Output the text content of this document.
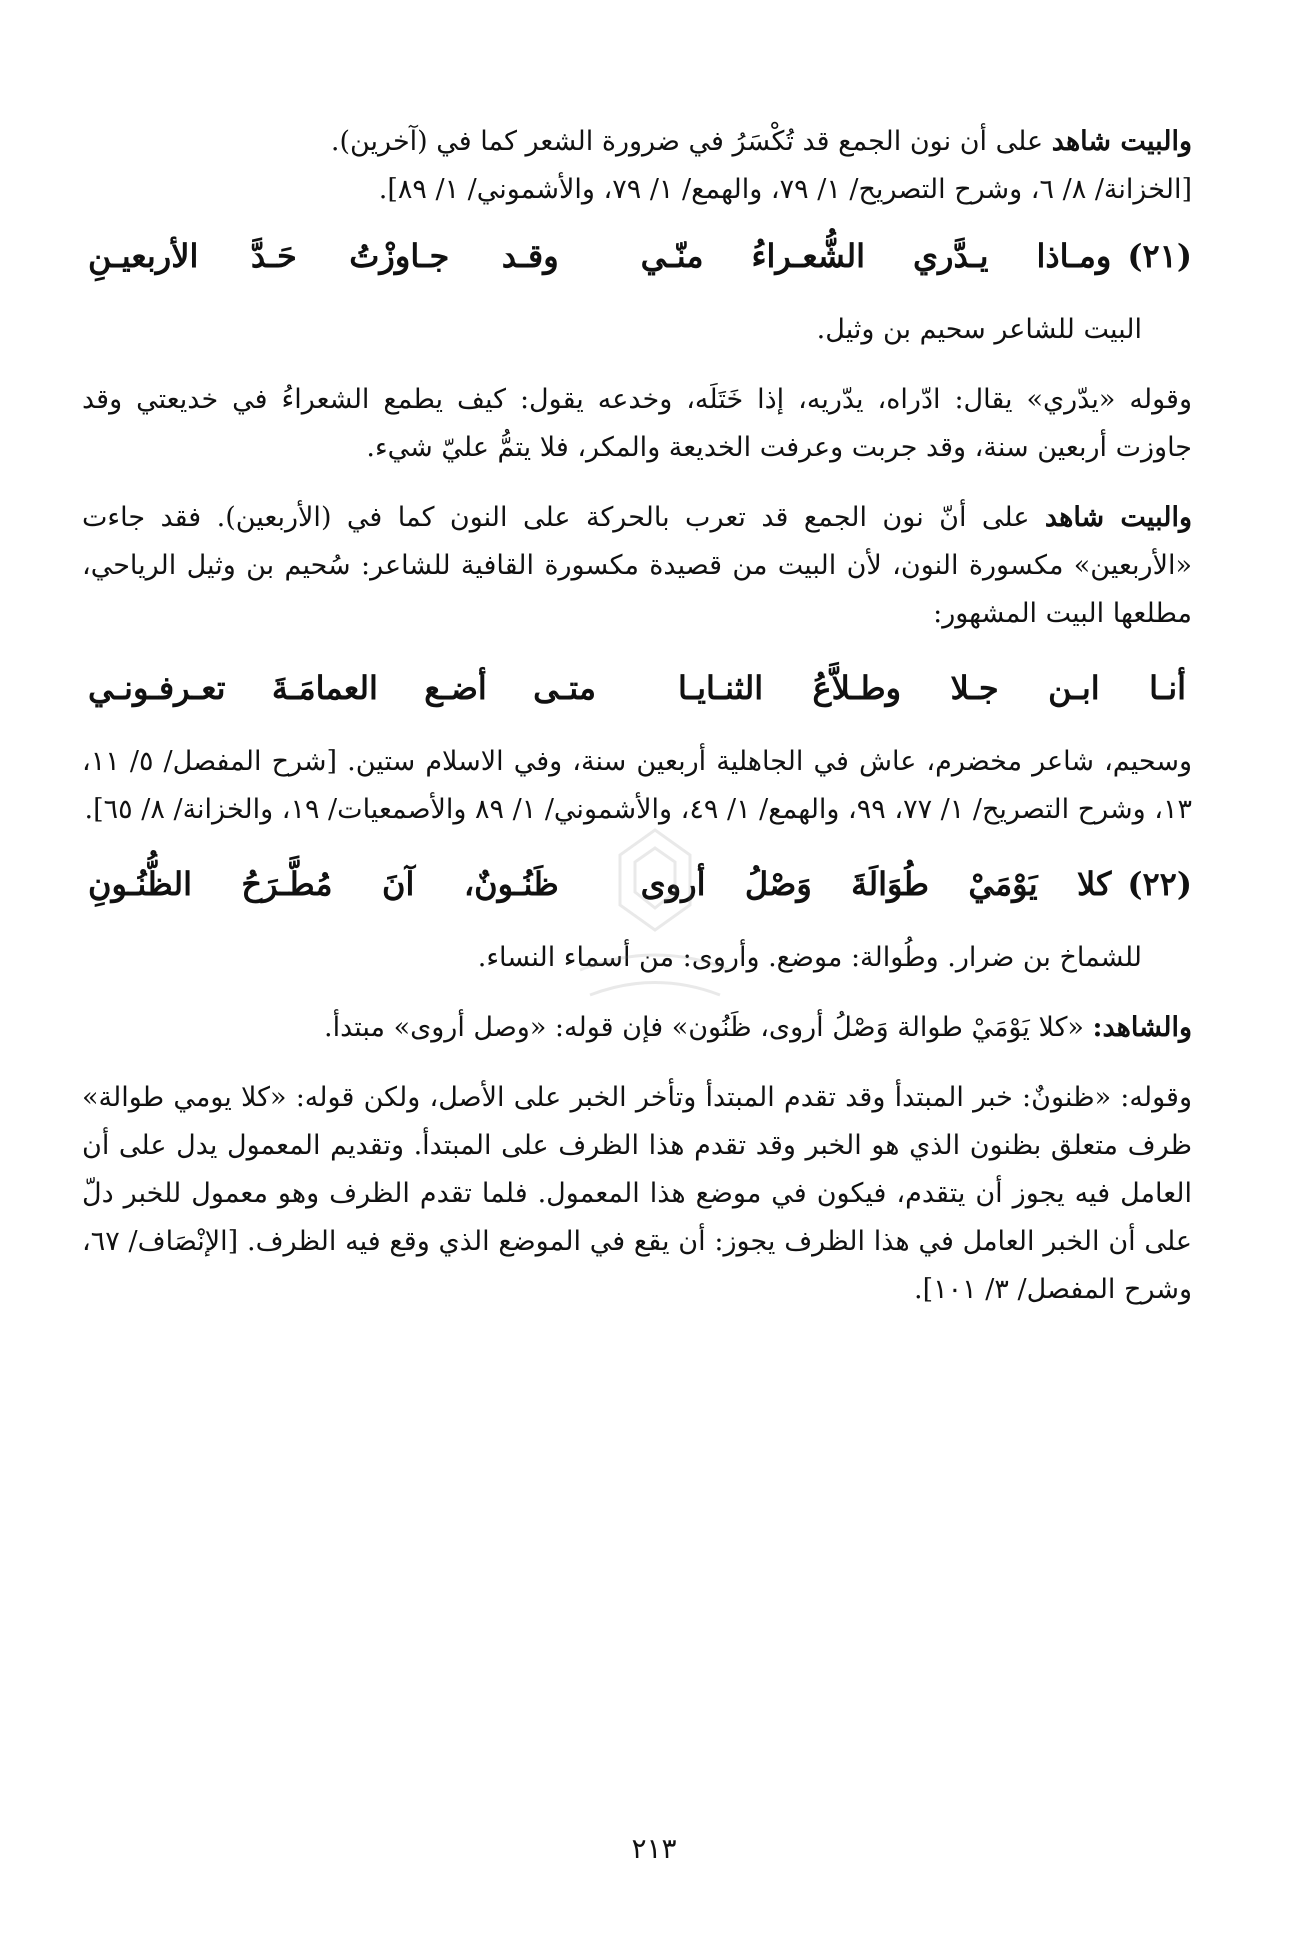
والبيت شاهد على أن نون الجمع قد تُكْسَرُ في ضرورة الشعر كما في (آخرين).
[الخزانة/ ٨/ ٦، وشرح التصريح/ ١/ ٧٩، والهمع/ ١/ ٧٩، والأشموني/ ١/ ٨٩].

(٢١)
ومـاذا يـدَّري الشُّعـراءُ منّـي
وقـد جـاوزْتُ حَـدَّ الأربعيـنِ

البيت للشاعر سحيم بن وثيل.

وقوله «يدّري» يقال: ادّراه، يدّريه، إذا خَتَلَه، وخدعه يقول: كيف يطمع الشعراءُ في خديعتي وقد جاوزت أربعين سنة، وقد جربت وعرفت الخديعة والمكر، فلا يتمُّ عليّ شيء.

والبيت شاهد على أنّ نون الجمع قد تعرب بالحركة على النون كما في (الأربعين). فقد جاءت «الأربعين» مكسورة النون، لأن البيت من قصيدة مكسورة القافية للشاعر: سُحيم بن وثيل الرياحي، مطلعها البيت المشهور:

أنـا ابـن جـلا وطـلاَّعُ الثنـايـا
متـى أضـع العمامَـةَ تعـرفـونـي

وسحيم، شاعر مخضرم، عاش في الجاهلية أربعين سنة، وفي الاسلام ستين. [شرح المفصل/ ٥/ ١١، ١٣، وشرح التصريح/ ١/ ٧٧، ٩٩، والهمع/ ١/ ٤٩، والأشموني/ ١/ ٨٩ والأصمعيات/ ١٩، والخزانة/ ٨/ ٦٥].

(٢٢)
كلا يَوْمَيْ طُوَالَةَ وَصْلُ أروى
ظَنُـونٌ، آنَ مُطَّـرَحُ الظُّنُـونِ

للشماخ بن ضرار. وطُوالة: موضع. وأروى: من أسماء النساء.

والشاهد: «كلا يَوْمَيْ طوالة وَصْلُ أروى، ظَنُون» فإن قوله: «وصل أروى» مبتدأ.

وقوله: «ظنونٌ: خبر المبتدأ وقد تقدم المبتدأ وتأخر الخبر على الأصل، ولكن قوله: «كلا يومي طوالة» ظرف متعلق بظنون الذي هو الخبر وقد تقدم هذا الظرف على المبتدأ. وتقديم المعمول يدل على أن العامل فيه يجوز أن يتقدم، فيكون في موضع هذا المعمول. فلما تقدم الظرف وهو معمول للخبر دلّ على أن الخبر العامل في هذا الظرف يجوز: أن يقع في الموضع الذي وقع فيه الظرف. [الإنْصَاف/ ٦٧، وشرح المفصل/ ٣/ ١٠١].

٢١٣
